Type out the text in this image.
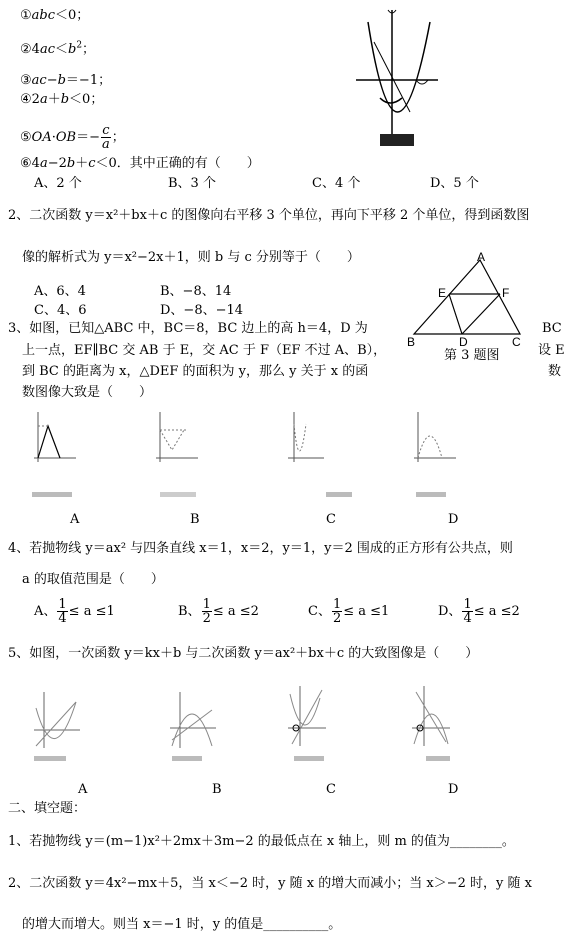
①abc＜0；
$②4ac<b^2$；
③ac−b＝−1；
④2a＋b＜0；
⑤OA·OB＝− $\frac{c}{a}$ ；
⑥4a−2b＋c＜0．其中正确的有（　　）
A、2 个	B、3 个	C、4 个	D、5 个
2、二次函数 y＝x²＋bx＋c 的图像向右平移 3 个单位，再向下平移 2 个单位，得到函数图
像的解析式为 y＝x²−2x＋1，则 b 与 c 分别等于（　　）
A、6、4	B、−8、14
C、4、6	D、−8、−14
A
E	F
B	D	C
第 3 题图
3、如图，已知△ABC 中，BC＝8，BC 边上的高 h＝4，D 为
上一点，EF∥BC 交 AB 于 E，交 AC 于 F（EF 不过 A、B），
到 BC 的距离为 x，△DEF 的面积为 y，那么 y 关于 x 的函
数图像大致是（　　）
BC
设 E
数
A	B	C	D
4、若抛物线 y＝ax² 与四条直线 x＝1，x＝2，y＝1，y＝2 围成的正方形有公共点，则
a 的取值范围是（　　）
A、 $\frac{1}{4} \le a \le 1$	B、 $\frac{1}{2} \le a \le 2$	C、 $\frac{1}{2} \le a \le 1$	D、 $\frac{1}{4} \le a \le 2$
5、如图，一次函数 y＝kx＋b 与二次函数 y＝ax²＋bx＋c 的大致图像是（　　）
A	B	C	D
二、填空题：
1、若抛物线 y＝(m−1)x²＋2mx＋3m−2 的最低点在 x 轴上，则 m 的值为________。
2、二次函数 y＝4x²−mx＋5，当 x＜−2 时，y 随 x 的增大而减小；当 x＞−2 时，y 随 x
的增大而增大。则当 x＝−1 时，y 的值是__________。
